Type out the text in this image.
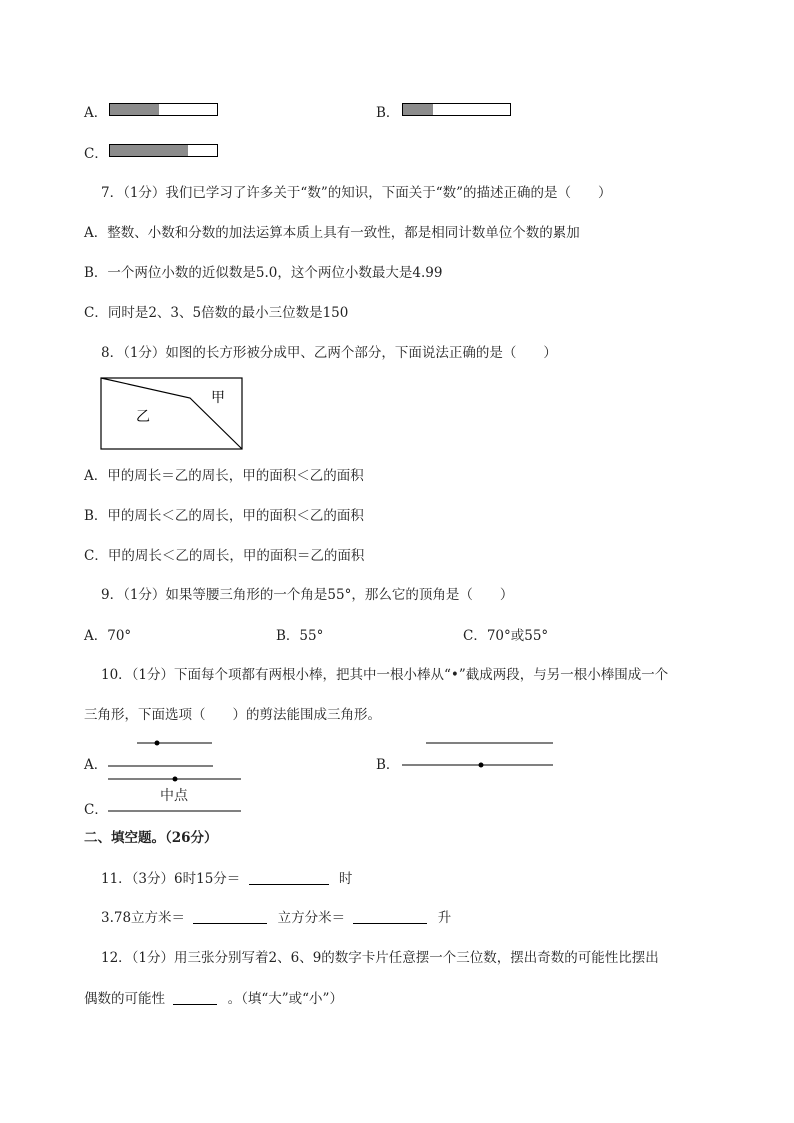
A．	B．
C．
7．（1分）我们已学习了许多关于“数”的知识，下面关于“数”的描述正确的是（　　）
A．整数、小数和分数的加法运算本质上具有一致性，都是相同计数单位个数的累加
B．一个两位小数的近似数是5.0，这个两位小数最大是4.99
C．同时是2、3、5倍数的最小三位数是150
8．（1分）如图的长方形被分成甲、乙两个部分，下面说法正确的是（　　）
甲
乙
A．甲的周长＝乙的周长，甲的面积＜乙的面积
B．甲的周长＜乙的周长，甲的面积＜乙的面积
C．甲的周长＜乙的周长，甲的面积＝乙的面积
9．（1分）如果等腰三角形的一个角是55°，那么它的顶角是（　　）
A．70°	B．55°	C．70°或55°
10．（1分）下面每个项都有两根小棒，把其中一根小棒从“•”截成两段，与另一根小棒围成一个
三角形，下面选项（　　）的剪法能围成三角形。
A．	B．
C．
中点
二、填空题。（26分）
11．（3分）6时15分＝	时
3.78立方米＝	立方分米＝	升
12．（1分）用三张分别写着2、6、9的数字卡片任意摆一个三位数，摆出奇数的可能性比摆出
偶数的可能性	。（填“大”或“小”）
